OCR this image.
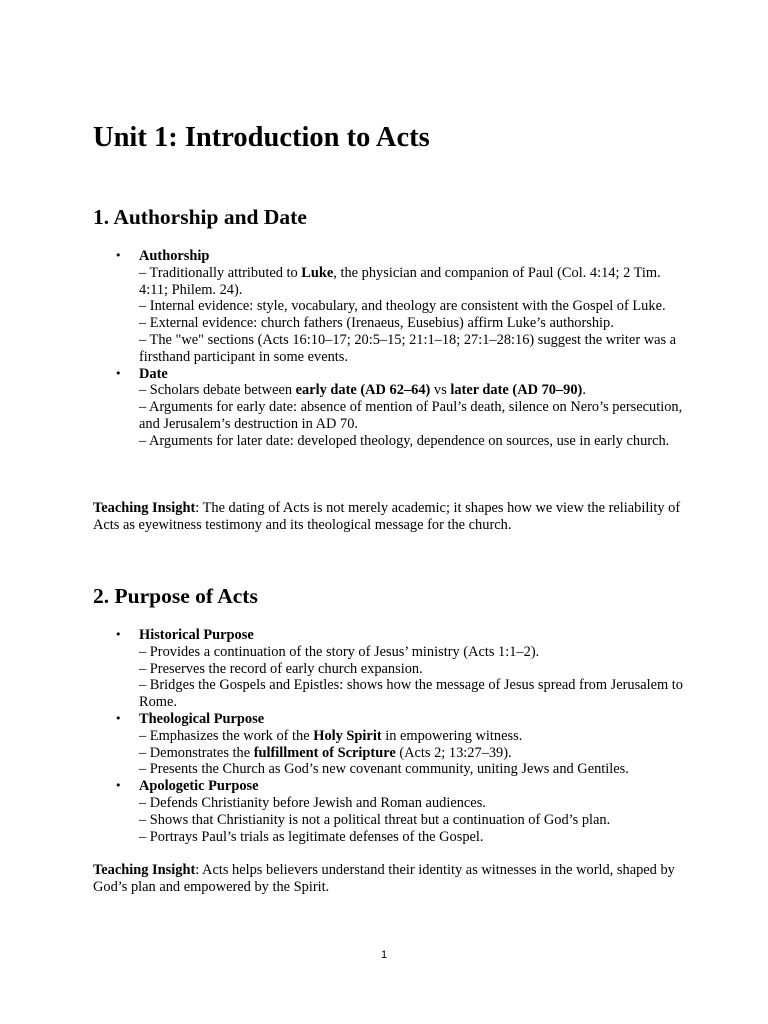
Unit 1: Introduction to Acts
1. Authorship and Date
• Authorship
– Traditionally attributed to Luke, the physician and companion of Paul (Col. 4:14; 2 Tim. 4:11; Philem. 24).
– Internal evidence: style, vocabulary, and theology are consistent with the Gospel of Luke.
– External evidence: church fathers (Irenaeus, Eusebius) affirm Luke’s authorship.
– The "we" sections (Acts 16:10–17; 20:5–15; 21:1–18; 27:1–28:16) suggest the writer was a firsthand participant in some events.
• Date
– Scholars debate between early date (AD 62–64) vs later date (AD 70–90).
– Arguments for early date: absence of mention of Paul’s death, silence on Nero’s persecution, and Jerusalem’s destruction in AD 70.
– Arguments for later date: developed theology, dependence on sources, use in early church.

Teaching Insight: The dating of Acts is not merely academic; it shapes how we view the reliability of Acts as eyewitness testimony and its theological message for the church.

2. Purpose of Acts
• Historical Purpose
– Provides a continuation of the story of Jesus’ ministry (Acts 1:1–2).
– Preserves the record of early church expansion.
– Bridges the Gospels and Epistles: shows how the message of Jesus spread from Jerusalem to Rome.
• Theological Purpose
– Emphasizes the work of the Holy Spirit in empowering witness.
– Demonstrates the fulfillment of Scripture (Acts 2; 13:27–39).
– Presents the Church as God’s new covenant community, uniting Jews and Gentiles.
• Apologetic Purpose
– Defends Christianity before Jewish and Roman audiences.
– Shows that Christianity is not a political threat but a continuation of God’s plan.
– Portrays Paul’s trials as legitimate defenses of the Gospel.

Teaching Insight: Acts helps believers understand their identity as witnesses in the world, shaped by God’s plan and empowered by the Spirit.

1
